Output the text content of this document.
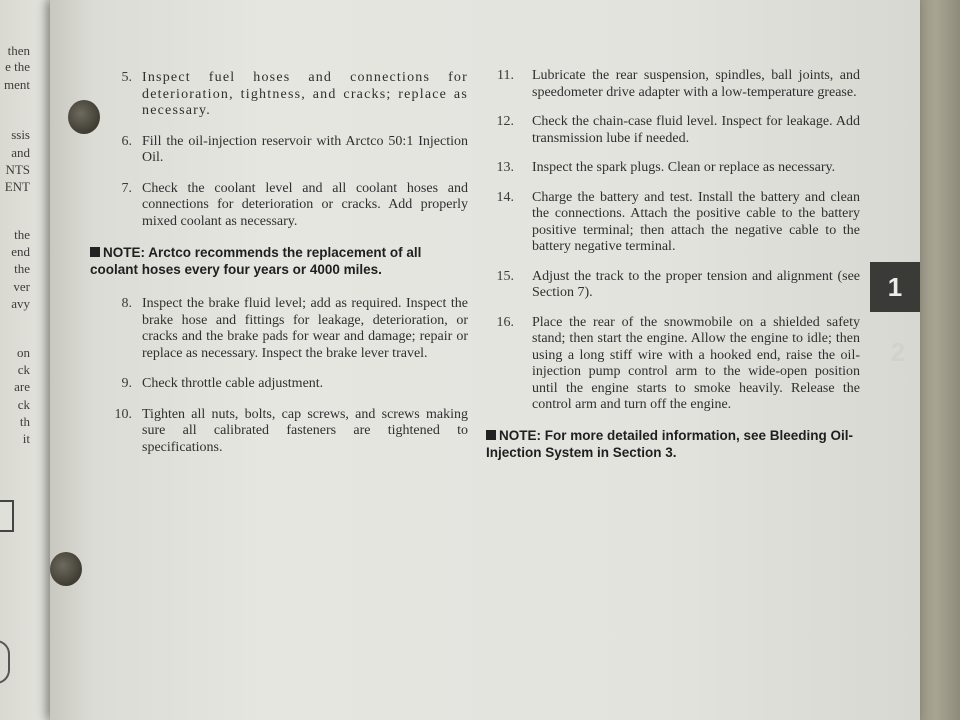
then
e the
ment
ssis
and
NTS
ENT
the
end
the
ver
avy
on
ck
are
ck
th
it
5. Inspect fuel hoses and connections for deterioration, tightness, and cracks; replace as necessary.
6. Fill the oil-injection reservoir with Arctco 50:1 Injection Oil.
7. Check the coolant level and all coolant hoses and connections for deterioration or cracks. Add properly mixed coolant as necessary.
NOTE: Arctco recommends the replacement of all coolant hoses every four years or 4000 miles.
8. Inspect the brake fluid level; add as required. Inspect the brake hose and fittings for leakage, deterioration, or cracks and the brake pads for wear and damage; repair or replace as necessary. Inspect the brake lever travel.
9. Check throttle cable adjustment.
10. Tighten all nuts, bolts, cap screws, and screws making sure all calibrated fasteners are tightened to specifications.
11.	Lubricate the rear suspension, spindles, ball joints, and speedometer drive adapter with a low-temperature grease.
12.	Check the chain-case fluid level. Inspect for leakage. Add transmission lube if needed.
13.	Inspect the spark plugs. Clean or replace as necessary.
14.	Charge the battery and test. Install the battery and clean the connections. Attach the positive cable to the battery positive terminal; then attach the negative cable to the battery negative terminal.
15.	Adjust the track to the proper tension and alignment (see Section 7).
16.	Place the rear of the snowmobile on a shielded safety stand; then start the engine. Allow the engine to idle; then using a long stiff wire with a hooked end, raise the oil-injection pump control arm to the wide-open position until the engine starts to smoke heavily. Release the control arm and turn off the engine.
NOTE: For more detailed information, see Bleeding Oil-Injection System in Section 3.
1
2
